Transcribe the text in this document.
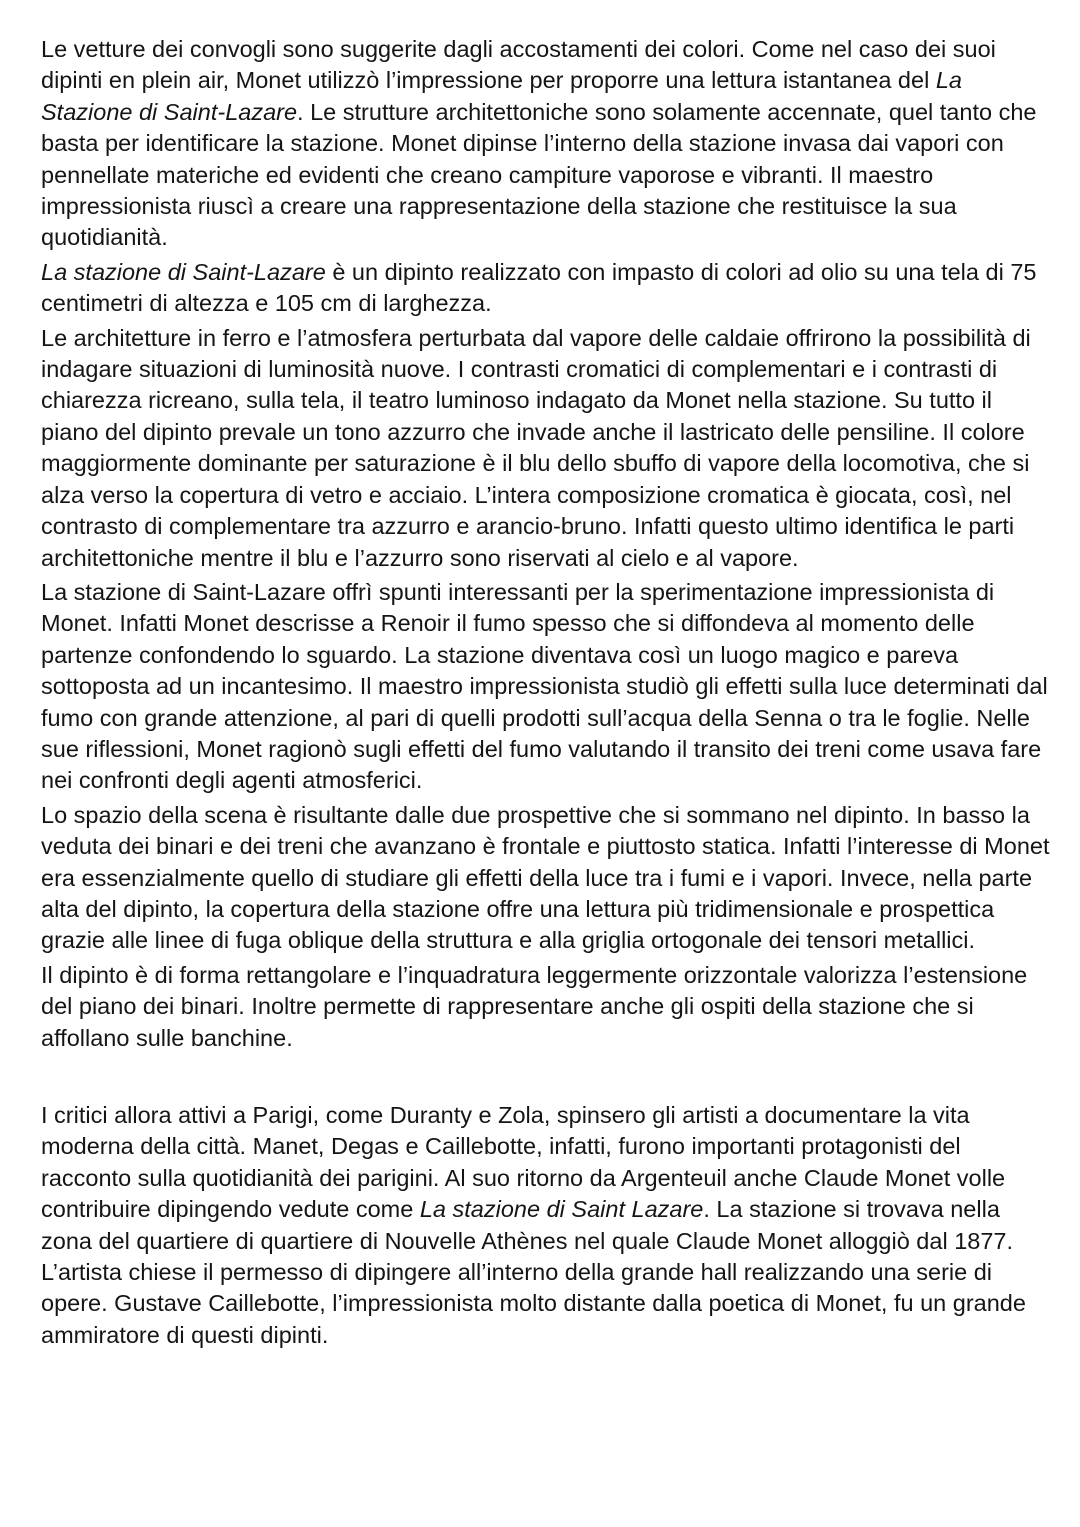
Le vetture dei convogli sono suggerite dagli accostamenti dei colori. Come nel caso dei suoi dipinti en plein air, Monet utilizzò l’impressione per proporre una lettura istantanea del La Stazione di Saint-Lazare. Le strutture architettoniche sono solamente accennate, quel tanto che basta per identificare la stazione. Monet dipinse l’interno della stazione invasa dai vapori con pennellate materiche ed evidenti che creano campiture vaporose e vibranti. Il maestro impressionista riuscì a creare una rappresentazione della stazione che restituisce la sua quotidianità.

La stazione di Saint-Lazare è un dipinto realizzato con impasto di colori ad olio su una tela di 75 centimetri di altezza e 105 cm di larghezza.

Le architetture in ferro e l’atmosfera perturbata dal vapore delle caldaie offrirono la possibilità di indagare situazioni di luminosità nuove. I contrasti cromatici di complementari e i contrasti di chiarezza ricreano, sulla tela, il teatro luminoso indagato da Monet nella stazione. Su tutto il piano del dipinto prevale un tono azzurro che invade anche il lastricato delle pensiline. Il colore maggiormente dominante per saturazione è il blu dello sbuffo di vapore della locomotiva, che si alza verso la copertura di vetro e acciaio. L’intera composizione cromatica è giocata, così, nel contrasto di complementare tra azzurro e arancio-bruno. Infatti questo ultimo identifica le parti architettoniche mentre il blu e l’azzurro sono riservati al cielo e al vapore.

La stazione di Saint-Lazare offrì spunti interessanti per la sperimentazione impressionista di Monet. Infatti Monet descrisse a Renoir il fumo spesso che si diffondeva al momento delle partenze confondendo lo sguardo. La stazione diventava così un luogo magico e pareva sottoposta ad un incantesimo. Il maestro impressionista studiò gli effetti sulla luce determinati dal fumo con grande attenzione, al pari di quelli prodotti sull’acqua della Senna o tra le foglie. Nelle sue riflessioni, Monet ragionò sugli effetti del fumo valutando il transito dei treni come usava fare nei confronti degli agenti atmosferici.

Lo spazio della scena è risultante dalle due prospettive che si sommano nel dipinto. In basso la veduta dei binari e dei treni che avanzano è frontale e piuttosto statica. Infatti l’interesse di Monet era essenzialmente quello di studiare gli effetti della luce tra i fumi e i vapori. Invece, nella parte alta del dipinto, la copertura della stazione offre una lettura più tridimensionale e prospettica grazie alle linee di fuga oblique della struttura e alla griglia ortogonale dei tensori metallici.

Il dipinto è di forma rettangolare e l’inquadratura leggermente orizzontale valorizza l’estensione del piano dei binari. Inoltre permette di rappresentare anche gli ospiti della stazione che si affollano sulle banchine.

I critici allora attivi a Parigi, come Duranty e Zola, spinsero gli artisti a documentare la vita moderna della città. Manet, Degas e Caillebotte, infatti, furono importanti protagonisti del racconto sulla quotidianità dei parigini. Al suo ritorno da Argenteuil anche Claude Monet volle contribuire dipingendo vedute come La stazione di Saint Lazare. La stazione si trovava nella zona del quartiere di quartiere di Nouvelle Athènes nel quale Claude Monet alloggiò dal 1877. L’artista chiese il permesso di dipingere all’interno della grande hall realizzando una serie di opere. Gustave Caillebotte, l’impressionista molto distante dalla poetica di Monet, fu un grande ammiratore di questi dipinti.
